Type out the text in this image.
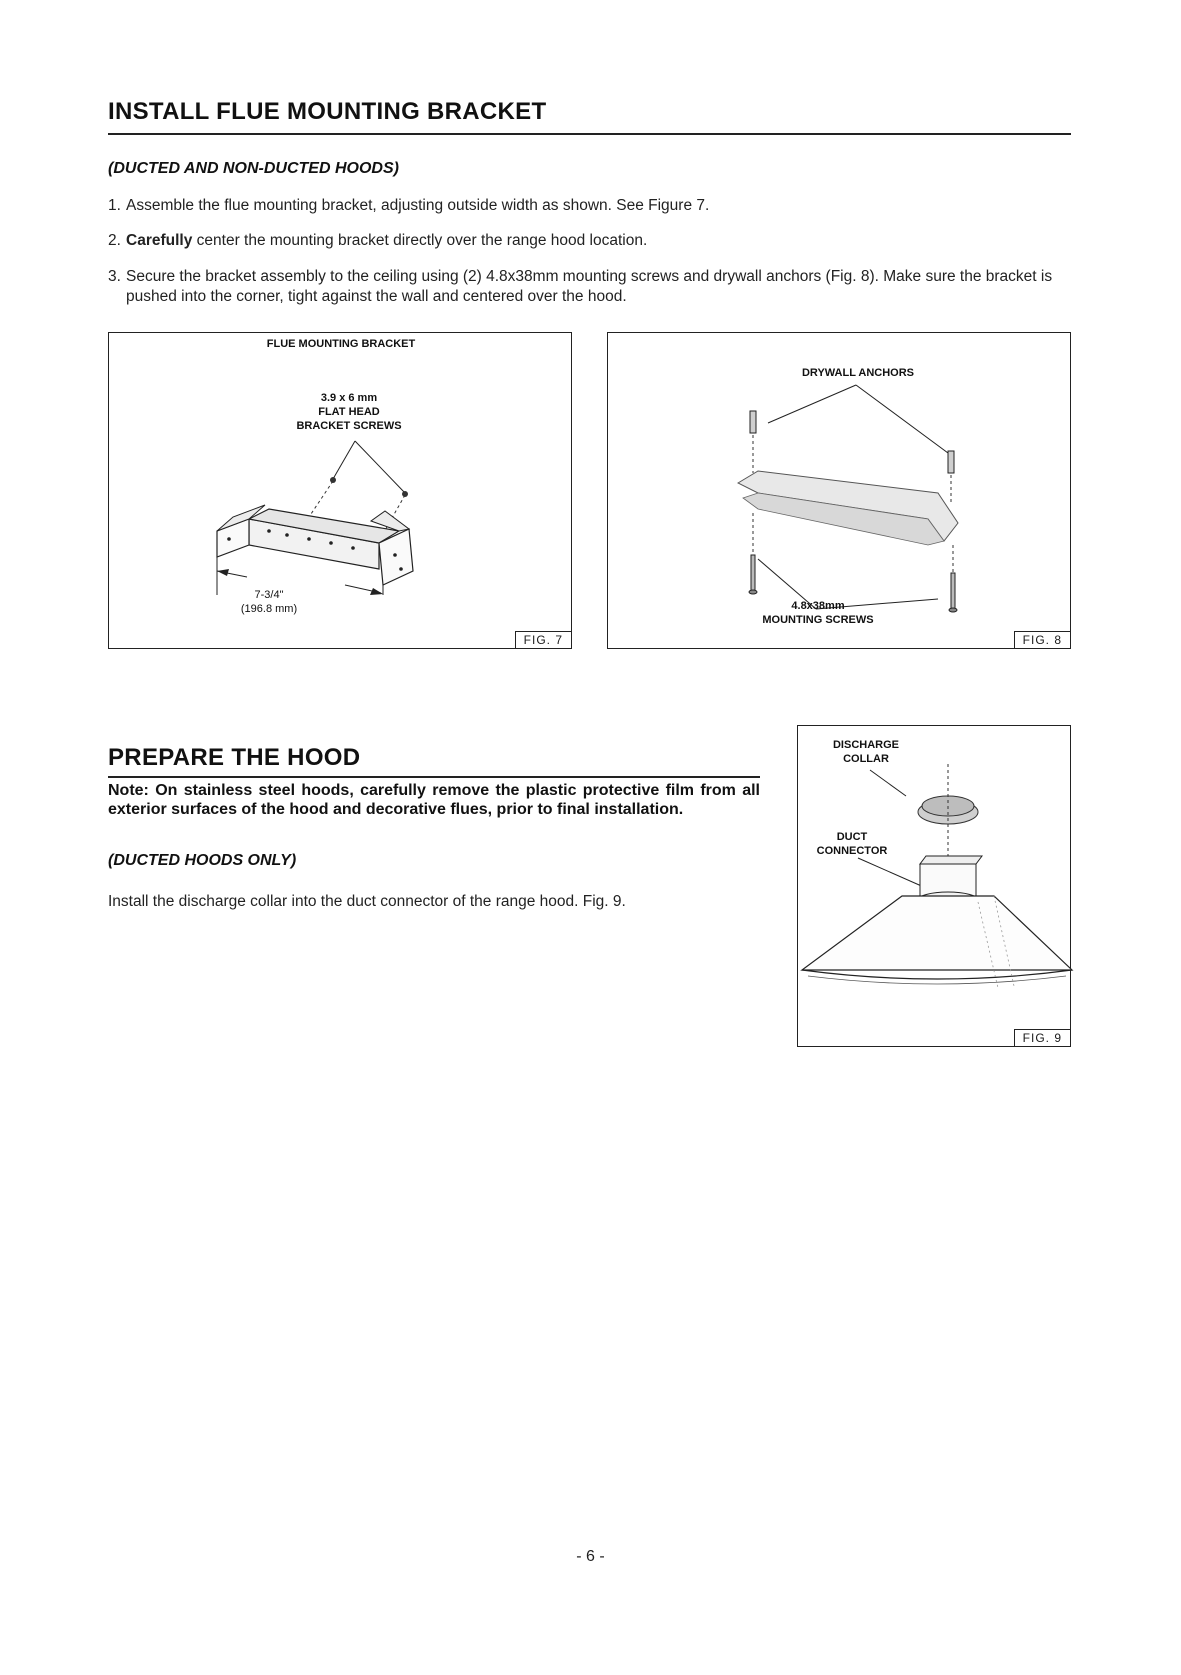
INSTALL FLUE MOUNTING BRACKET
(DUCTED AND NON-DUCTED HOODS)
1. Assemble the flue mounting bracket, adjusting outside width as shown. See Figure 7.
2. Carefully center the mounting bracket directly over the range hood location.
3. Secure the bracket assembly to the ceiling using (2) 4.8x38mm mounting screws and drywall anchors (Fig. 8). Make sure the bracket is pushed into the corner, tight against the wall and centered over the hood.
FLUE MOUNTING BRACKET
3.9 x 6 mm
FLAT HEAD
BRACKET SCREWS
7-3/4"
(196.8 mm)
FIG. 7
DRYWALL ANCHORS
4.8x38mm
MOUNTING SCREWS
FIG. 8
PREPARE THE HOOD
Note: On stainless steel hoods, carefully remove the plastic protective film from all exterior surfaces of the hood and decorative flues, prior to final installation.
(DUCTED HOODS ONLY)
Install the discharge collar into the duct connector of the range hood. Fig. 9.
DISCHARGE
COLLAR
DUCT
CONNECTOR
FIG. 9
- 6 -
